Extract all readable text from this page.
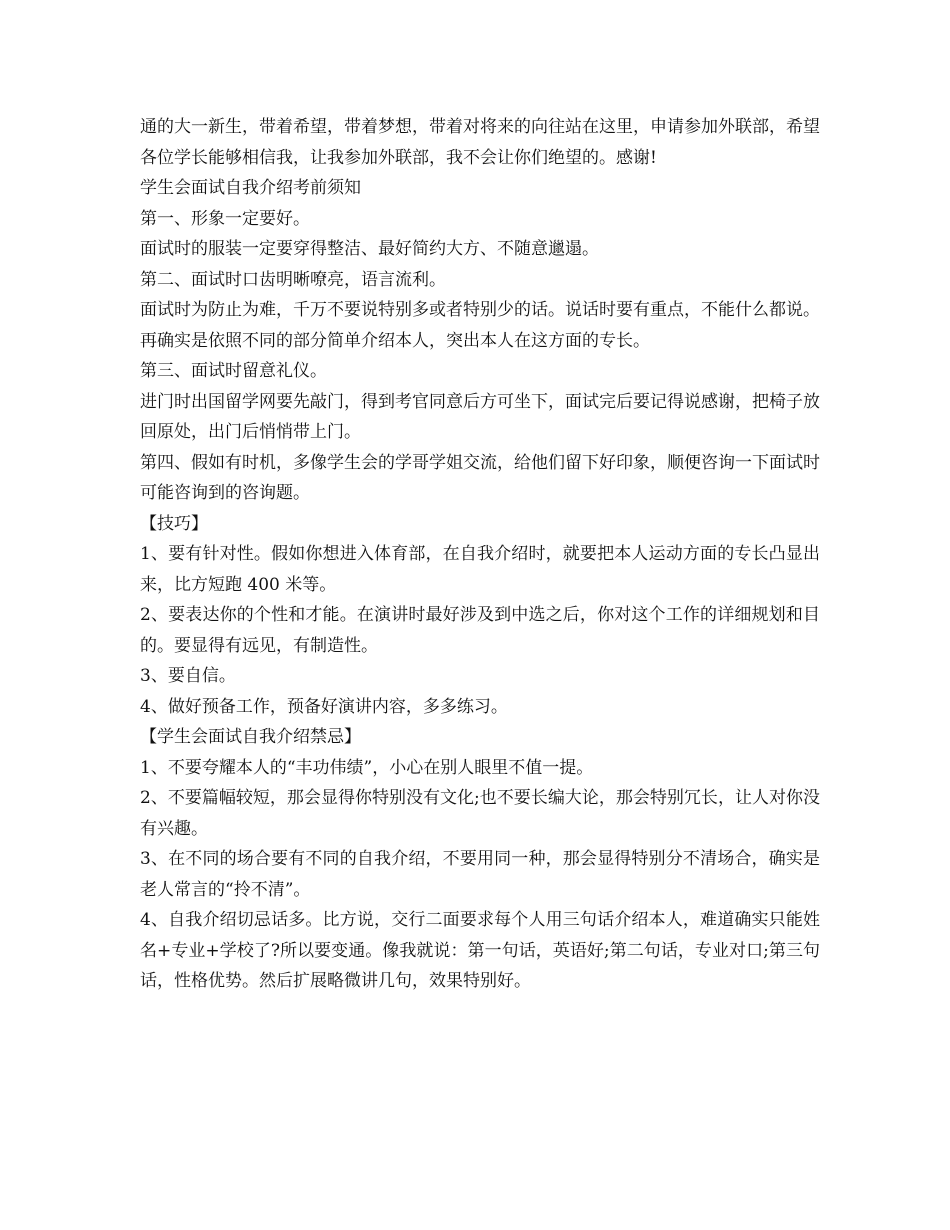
通的大一新生，带着希望，带着梦想，带着对将来的向往站在这里，申请参加外联部，希望各位学长能够相信我，让我参加外联部，我不会让你们绝望的。感谢!

学生会面试自我介绍考前须知

第一、形象一定要好。

面试时的服装一定要穿得整洁、最好简约大方、不随意邋遢。

第二、面试时口齿明晰嘹亮，语言流利。

面试时为防止为难，千万不要说特别多或者特别少的话。说话时要有重点，不能什么都说。再确实是依照不同的部分简单介绍本人，突出本人在这方面的专长。

第三、面试时留意礼仪。

进门时出国留学网要先敲门，得到考官同意后方可坐下，面试完后要记得说感谢，把椅子放回原处，出门后悄悄带上门。

第四、假如有时机，多像学生会的学哥学姐交流，给他们留下好印象，顺便咨询一下面试时可能咨询到的咨询题。

【技巧】

1、要有针对性。假如你想进入体育部，在自我介绍时，就要把本人运动方面的专长凸显出来，比方短跑 400 米等。

2、要表达你的个性和才能。在演讲时最好涉及到中选之后，你对这个工作的详细规划和目的。要显得有远见，有制造性。

3、要自信。

4、做好预备工作，预备好演讲内容，多多练习。

【学生会面试自我介绍禁忌】

1、不要夸耀本人的“丰功伟绩”，小心在别人眼里不值一提。

2、不要篇幅较短，那会显得你特别没有文化;也不要长编大论，那会特别冗长，让人对你没有兴趣。

3、在不同的场合要有不同的自我介绍，不要用同一种，那会显得特别分不清场合，确实是老人常言的“拎不清”。

4、自我介绍切忌话多。比方说，交行二面要求每个人用三句话介绍本人，难道确实只能姓名+专业+学校了?所以要变通。像我就说：第一句话，英语好;第二句话，专业对口;第三句话，性格优势。然后扩展略微讲几句，效果特别好。
